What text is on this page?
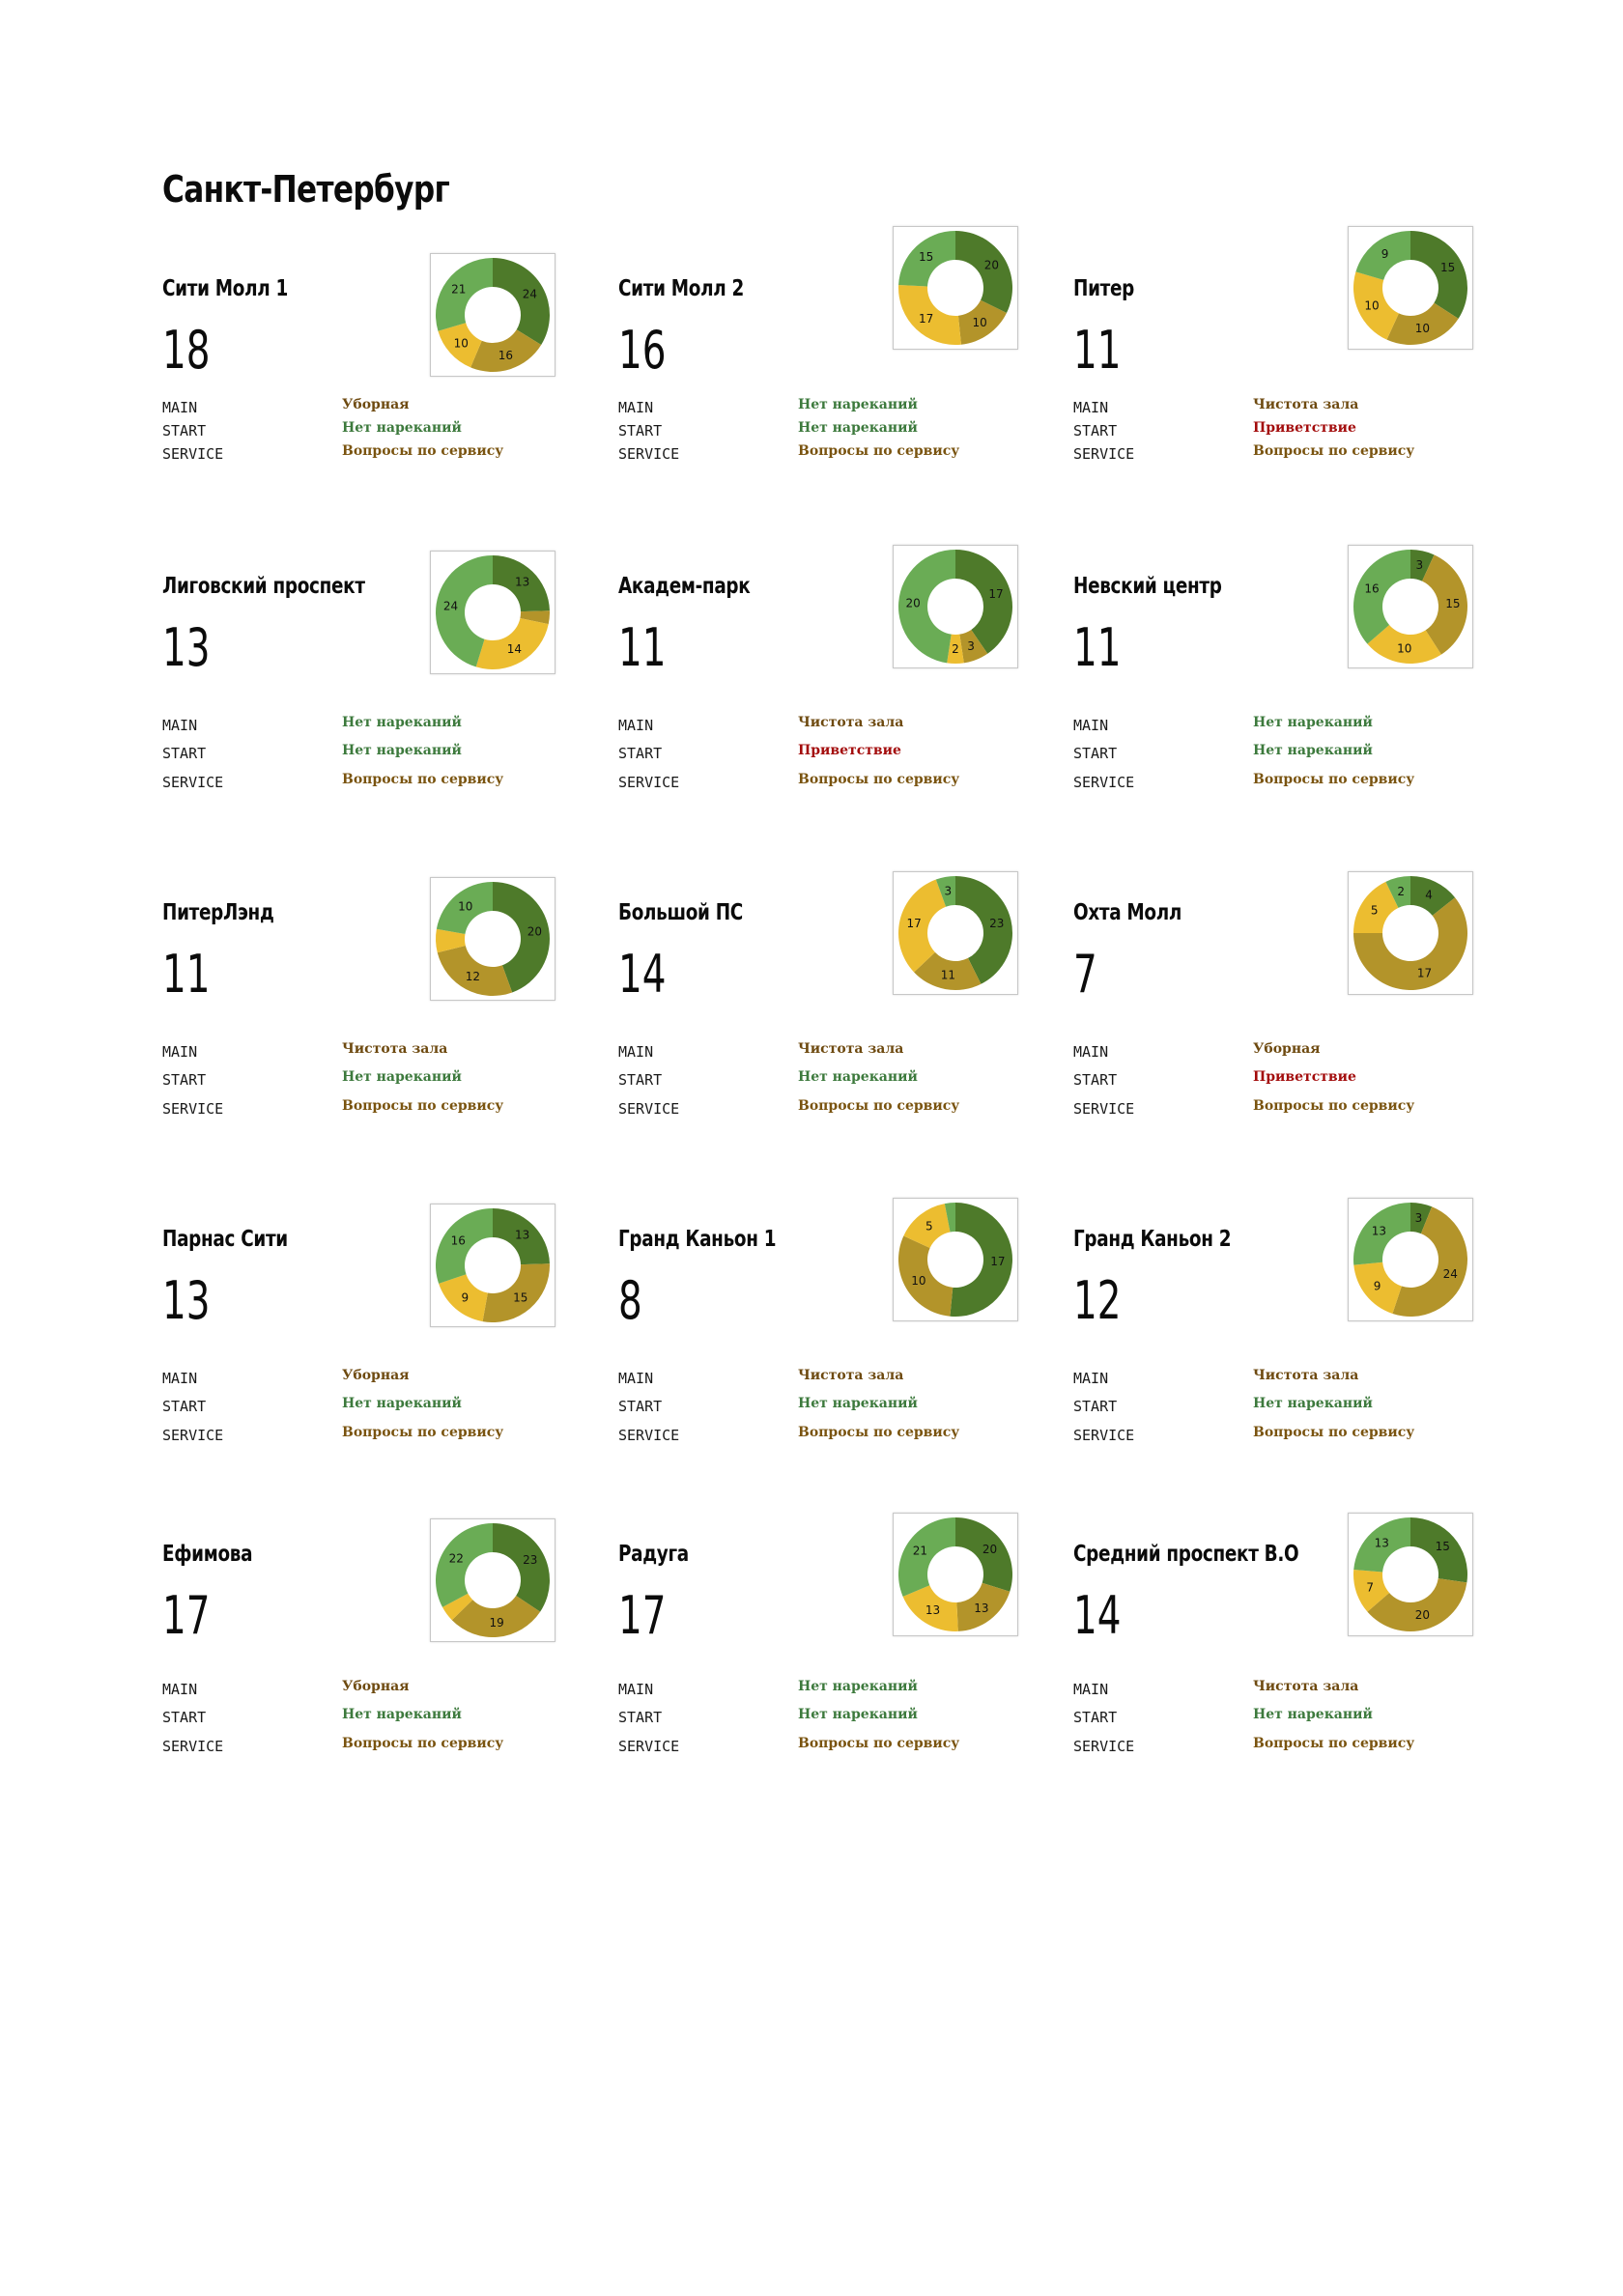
Санкт-Петербург
Сити Молл 1
18
MAIN	Уборная
START	Нет нареканий
SERVICE	Вопросы по сервису
24
16
10
21	Сити Молл 2
16
MAIN	Нет нареканий
START	Нет нареканий
SERVICE	Вопросы по сервису
20
10
17
15
Питер
11
MAIN	Чистота зала
START	Приветствие
SERVICE	Вопросы по сервису
15
10
10
9
Лиговский проспект
13
MAIN	Нет нареканий
START	Нет нареканий
SERVICE	Вопросы по сервису
13
14
24
Академ-парк
11
MAIN	Чистота зала
START	Приветствие
SERVICE	Вопросы по сервису
17
3
2
20
Невский центр
11
MAIN	Нет нареканий
START	Нет нареканий
SERVICE	Вопросы по сервису
3
15
10
16
ПитерЛэнд
11
MAIN	Чистота зала
START	Нет нареканий
SERVICE	Вопросы по сервису
20
12
10	Большой ПС
14
MAIN	Чистота зала
START	Нет нареканий
SERVICE	Вопросы по сервису
23
11
17
3
Охта Молл
7
MAIN	Уборная
START	Приветствие
SERVICE	Вопросы по сервису
4
17
5
2
Парнас Сити
13
MAIN	Уборная
START	Нет нареканий
SERVICE	Вопросы по сервису
13
15
9
16	Гранд Каньон 1
8
MAIN	Чистота зала
START	Нет нареканий
SERVICE	Вопросы по сервису
17
10
5
Гранд Каньон 2
12
MAIN	Чистота зала
START	Нет нареканий
SERVICE	Вопросы по сервису
3
24
9
13
Ефимова
17
MAIN	Уборная
START	Нет нареканий
SERVICE	Вопросы по сервису
23
19
22	Радуга
17
MAIN	Нет нареканий
START	Нет нареканий
SERVICE	Вопросы по сервису
20
13
13
21	Средний проспект В.О
14
MAIN	Чистота зала
START	Нет нареканий
SERVICE	Вопросы по сервису
15
20
7
13
